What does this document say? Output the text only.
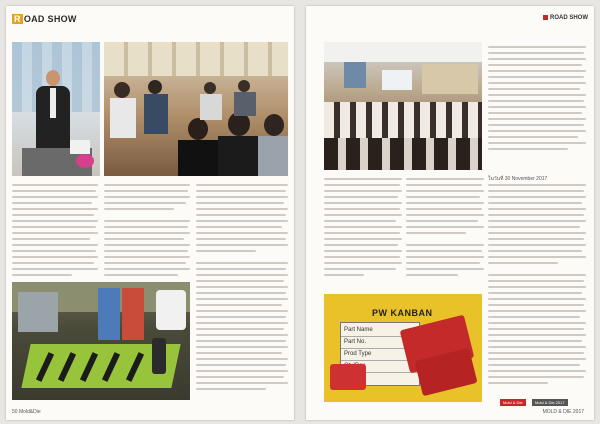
R OAD SHOW
50 Mold&Die
ROAD SHOW
ในวันที่ 30 November 2017
PW KANBAN
Part Name
Part No.
Prod Type
Mold & Die	Mold & Die 2017
MOLD & DIE 2017
